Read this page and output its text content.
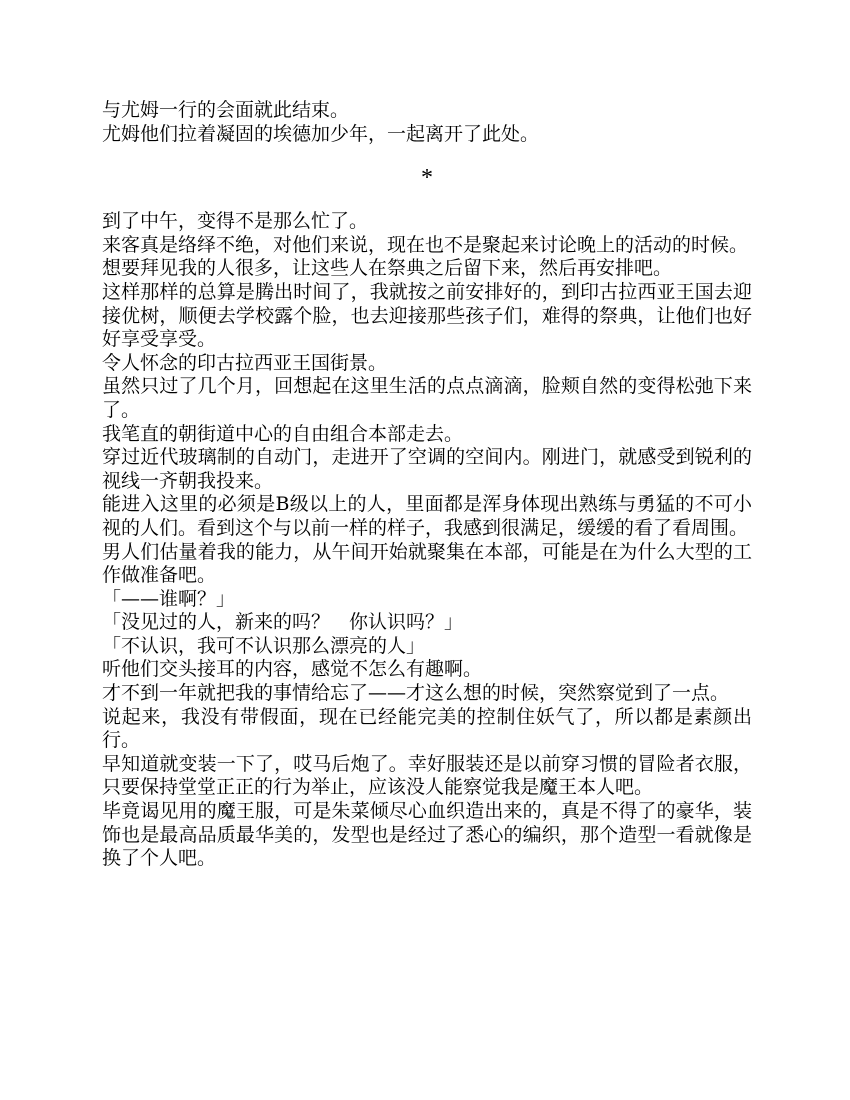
与尤姆一行的会面就此结束。

尤姆他们拉着凝固的埃德加少年，一起离开了此处。

*

到了中午，变得不是那么忙了。

来客真是络绎不绝，对他们来说，现在也不是聚起来讨论晚上的活动的时候。

想要拜见我的人很多，让这些人在祭典之后留下来，然后再安排吧。

这样那样的总算是腾出时间了，我就按之前安排好的，到印古拉西亚王国去迎接优树，顺便去学校露个脸，也去迎接那些孩子们，难得的祭典，让他们也好好享受享受。

令人怀念的印古拉西亚王国街景。

虽然只过了几个月，回想起在这里生活的点点滴滴，脸颊自然的变得松弛下来了。

我笔直的朝街道中心的自由组合本部走去。

穿过近代玻璃制的自动门，走进开了空调的空间内。刚进门，就感受到锐利的视线一齐朝我投来。

能进入这里的必须是B级以上的人，里面都是浑身体现出熟练与勇猛的不可小视的人们。看到这个与以前一样的样子，我感到很满足，缓缓的看了看周围。

男人们估量着我的能力，从午间开始就聚集在本部，可能是在为什么大型的工作做准备吧。

「——谁啊？」

「没见过的人，新来的吗？　你认识吗？」

「不认识，我可不认识那么漂亮的人」

听他们交头接耳的内容，感觉不怎么有趣啊。

才不到一年就把我的事情给忘了——才这么想的时候，突然察觉到了一点。

说起来，我没有带假面，现在已经能完美的控制住妖气了，所以都是素颜出行。

早知道就变装一下了，哎马后炮了。幸好服装还是以前穿习惯的冒险者衣服，只要保持堂堂正正的行为举止，应该没人能察觉我是魔王本人吧。

毕竟谒见用的魔王服，可是朱菜倾尽心血织造出来的，真是不得了的豪华，装饰也是最高品质最华美的，发型也是经过了悉心的编织，那个造型一看就像是换了个人吧。
